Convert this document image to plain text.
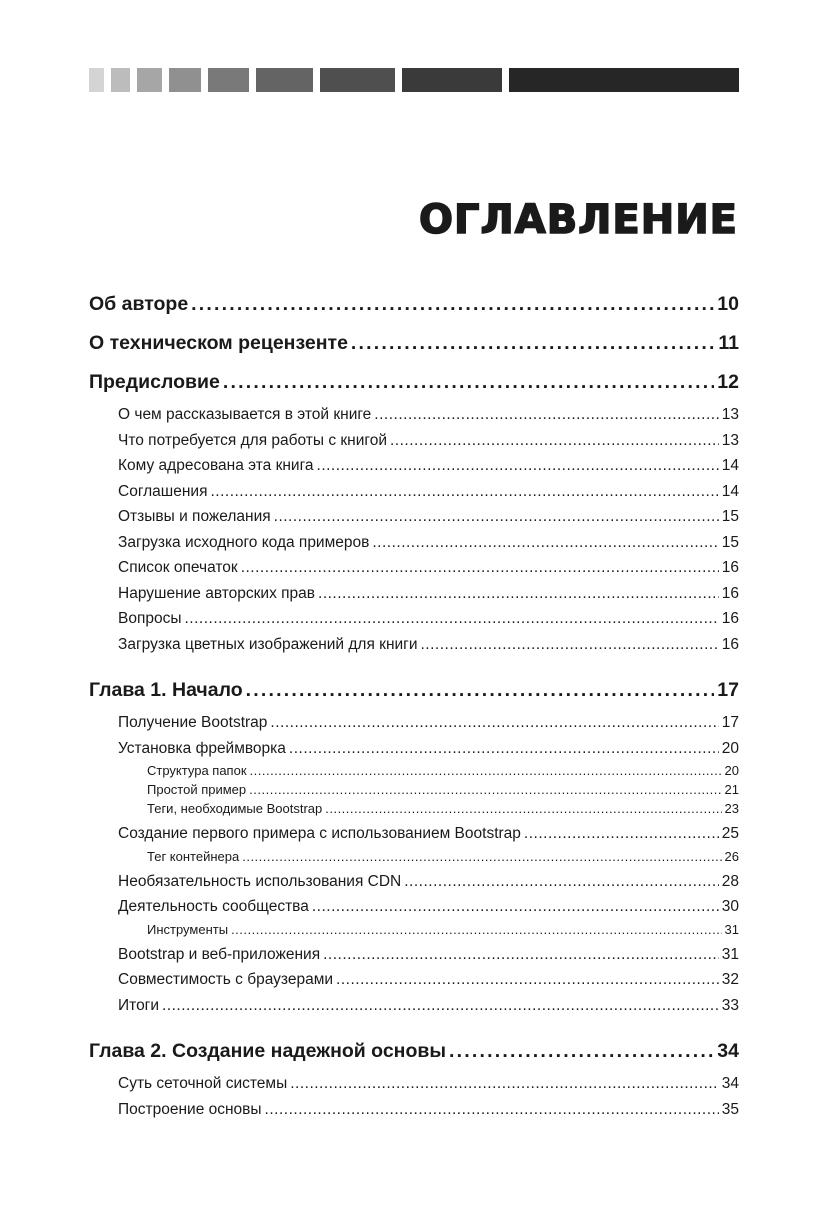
ОГЛАВЛЕНИЕ
Об авторе .....	10
О техническом рецензенте .....	11
Предисловие .....	12
О чем рассказывается в этой книге .....	13
Что потребуется для работы с книгой .....	13
Кому адресована эта книга .....	14
Соглашения .....	14
Отзывы и пожелания .....	15
Загрузка исходного кода примеров .....	15
Список опечаток .....	16
Нарушение авторских прав .....	16
Вопросы .....	16
Загрузка цветных изображений для книги .....	16
Глава 1. Начало .....	17
Получение Bootstrap .....	17
Установка фреймворка .....	20
Структура папок .....	20
Простой пример .....	21
Теги, необходимые Bootstrap .....	23
Создание первого примера с использованием Bootstrap .....	25
Тег контейнера .....	26
Необязательность использования CDN .....	28
Деятельность сообщества .....	30
Инструменты .....	31
Bootstrap и веб-приложения .....	31
Совместимость с браузерами .....	32
Итоги .....	33
Глава 2. Создание надежной основы .....	34
Суть сеточной системы .....	34
Построение основы .....	35
